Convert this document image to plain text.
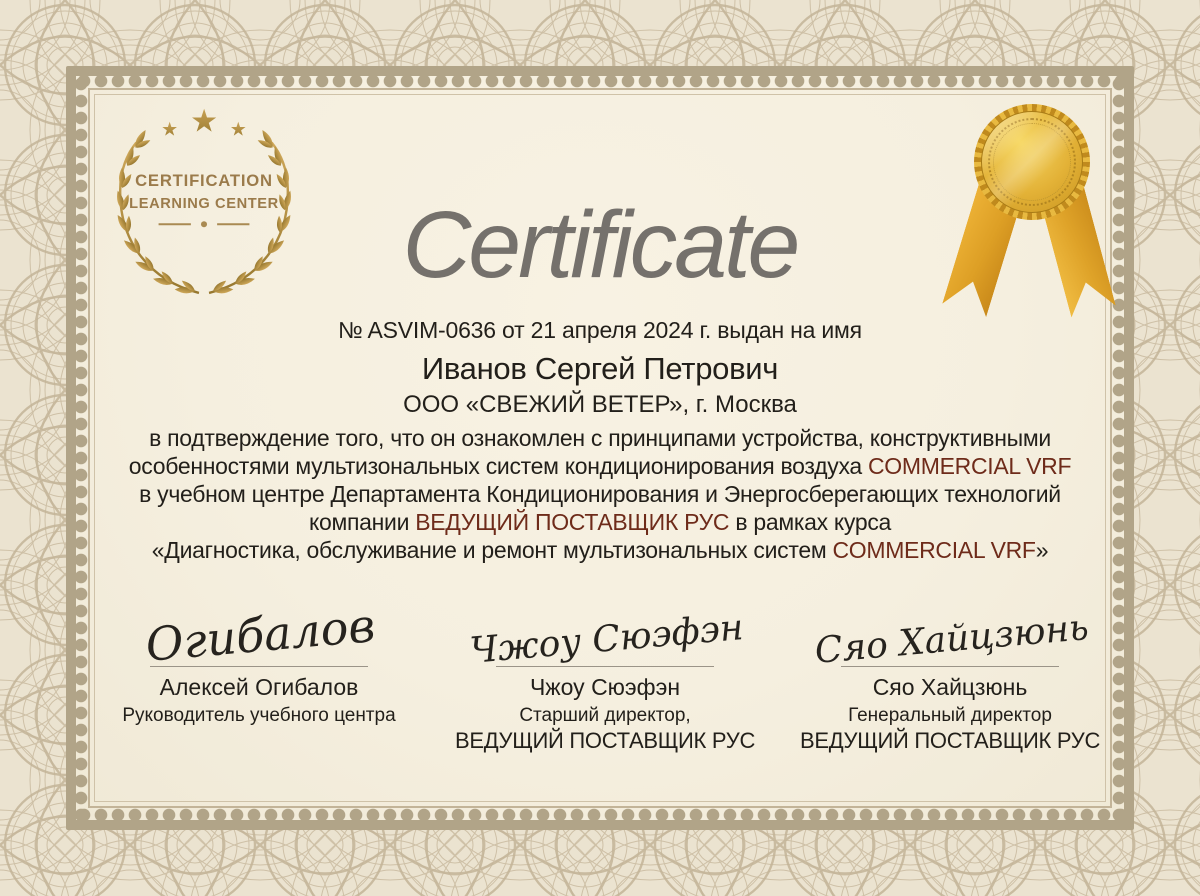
★ ★ ★
CERTIFICATION
LEARNING CENTER	Certificate
№ ASVIM-0636 от 21 апреля 2024 г. выдан на имя
Иванов Сергей Петрович
ООО «СВЕЖИЙ ВЕТЕР», г. Москва
в подтверждение того, что он ознакомлен с принципами устройства, конструктивными
особенностями мультизональных систем кондиционирования воздуха COMMERCIAL VRF
в учебном центре Департамента Кондиционирования и Энергосберегающих технологий
компании ВЕДУЩИЙ ПОСТАВЩИК РУС в рамках курса
«Диагностика, обслуживание и ремонт мультизональных систем COMMERCIAL VRF»
Огибалов
Алексей Огибалов
Руководитель учебного центра
Чжоу Сюэфэн
Чжоу Сюэфэн
Старший директор,
ВЕДУЩИЙ ПОСТАВЩИК РУС
Сяо Хайцзюнь
Сяо Хайцзюнь
Генеральный директор
ВЕДУЩИЙ ПОСТАВЩИК РУС
